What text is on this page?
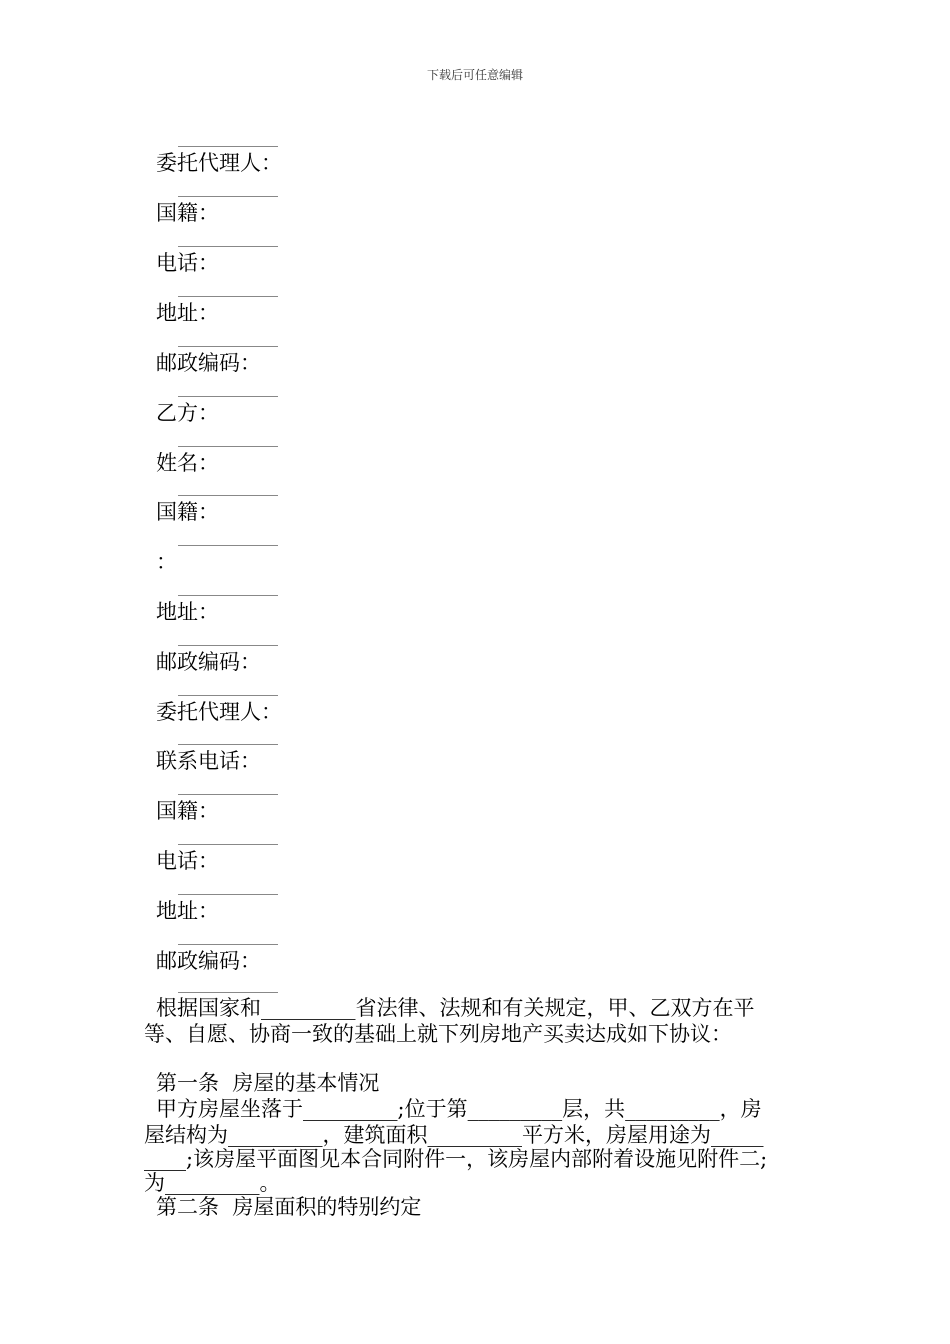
下载后可任意编辑
委托代理人：
国籍：
电话：
地址：
邮政编码：
乙方：
姓名：
国籍：
：
地址：
邮政编码：
委托代理人：
联系电话：
国籍：
电话：
地址：
邮政编码：
根据国家和_________省法律、法规和有关规定，甲、乙双方在平
等、自愿、协商一致的基础上就下列房地产买卖达成如下协议：
第一条  房屋的基本情况
甲方房屋坐落于_________;位于第_________层，共_________，房
屋结构为_________，建筑面积_________平方米，房屋用途为_____
____;该房屋平面图见本合同附件一，该房屋内部附着设施见附件二;
为_________。
第二条  房屋面积的特别约定
